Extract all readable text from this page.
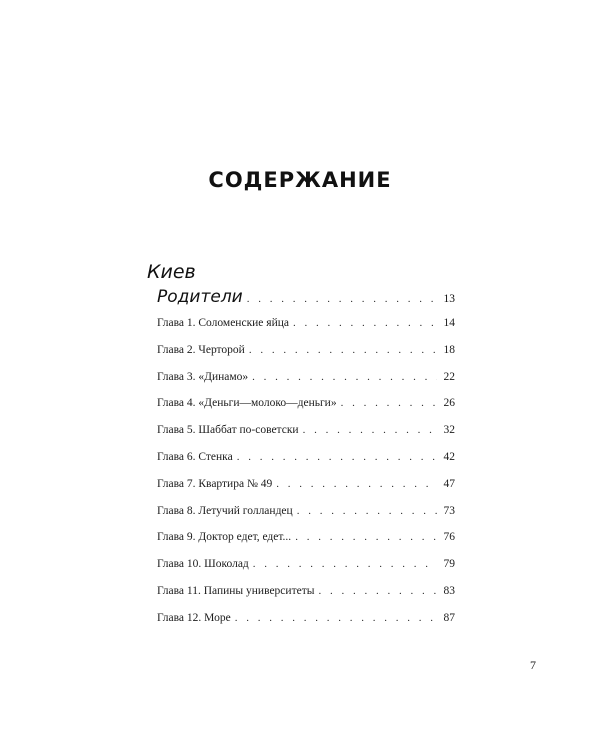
СОДЕРЖАНИЕ
Киев
Родители . . .	13
Глава 1. Соломенские яйца . . .	14
Глава 2. Черторой . . .	18
Глава 3. «Динамо» . . .	22
Глава 4. «Деньги—молоко—деньги» . . .	26
Глава 5. Шаббат по-советски . . .	32
Глава 6. Стенка . . .	42
Глава 7. Квартира № 49 . . .	47
Глава 8. Летучий голландец . . .	73
Глава 9. Доктор едет, едет... . . .	76
Глава 10. Шоколад . . .	79
Глава 11. Папины университеты . . .	83
Глава 12. Море . . .	87
7
